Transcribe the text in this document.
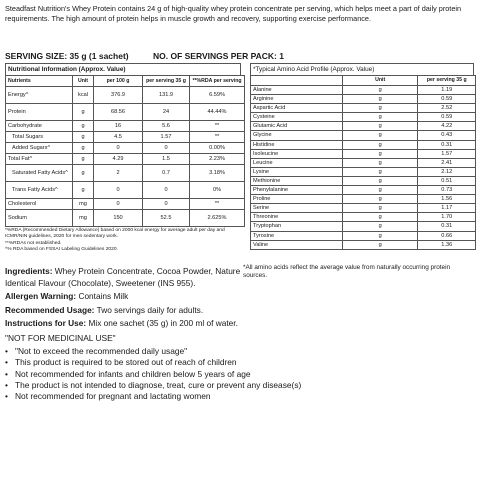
Steadfast Nutrition's Whey Protein contains 24 g of high-quality whey protein concentrate per serving, which helps meet a part of daily protein requirements. The high amount of protein helps in muscle growth and recovery, supporting exercise performance.
SERVING SIZE: 35 g (1 sachet)	NO. OF SERVINGS PER PACK: 1
Nutritional Information (Approx. Value)
Nutrients	Unit	per 100 g	per serving 35 g	**%RDA per serving
Energy^	kcal	376.9	131.9	6.59%
Protein	g	68.56	24	44.44%
Carbohydrate	g	16	5.6	**
Total Sugars	g	4.5	1.57	**
Added Sugars^	g	0	0	0.00%
Total Fat^	g	4.29	1.5	2.23%
Saturated Fatty Acids^	g	2	0.7	3.18%
Trans Fatty Acids^	g	0	0	0%
Cholesterol	mg	0	0	**
Sodium	mg	150	52.5	2.625%
*%RDA (Recommended Dietary Allowance) based on 2000 kcal energy for average adult per day and ICMR/NIN guidelines, 2020 for men sedentary work.
**%RDAs not established.
^% RDA based on FSSAI Labeling Guidelines 2020.
*Typical Amino Acid Profile (Approx. Value)
	Unit	per serving 35 g
Alanine	g	1.19
Arginine	g	0.59
Aspartic Acid	g	2.52
Cysteine	g	0.59
Glutamic Acid	g	4.22
Glycine	g	0.43
Histidine	g	0.31
Isoleucine	g	1.57
Leucine	g	2.41
Lysine	g	2.12
Methionine	g	0.51
Phenylalanine	g	0.73
Proline	g	1.56
Serine	g	1.17
Threonine	g	1.70
Tryptophan	g	0.31
Tyrosine	g	0.66
Valine	g	1.36
*All amino acids reflect the average value from naturally occurring protein sources.

Ingredients: Whey Protein Concentrate, Cocoa Powder, Nature Identical Flavour (Chocolate), Sweetener (INS 955).

Allergen Warning: Contains Milk

Recommended Usage: Two servings daily for adults.

Instructions for Use: Mix one sachet (35 g) in 200 ml of water.

"NOT FOR MEDICINAL USE"
• "Not to exceed the recommended daily usage"
• This product is required to be stored out of reach of children
• Not recommended for infants and children below 5 years of age
• The product is not intended to diagnose, treat, cure or prevent any disease(s)
• Not recommended for pregnant and lactating women
